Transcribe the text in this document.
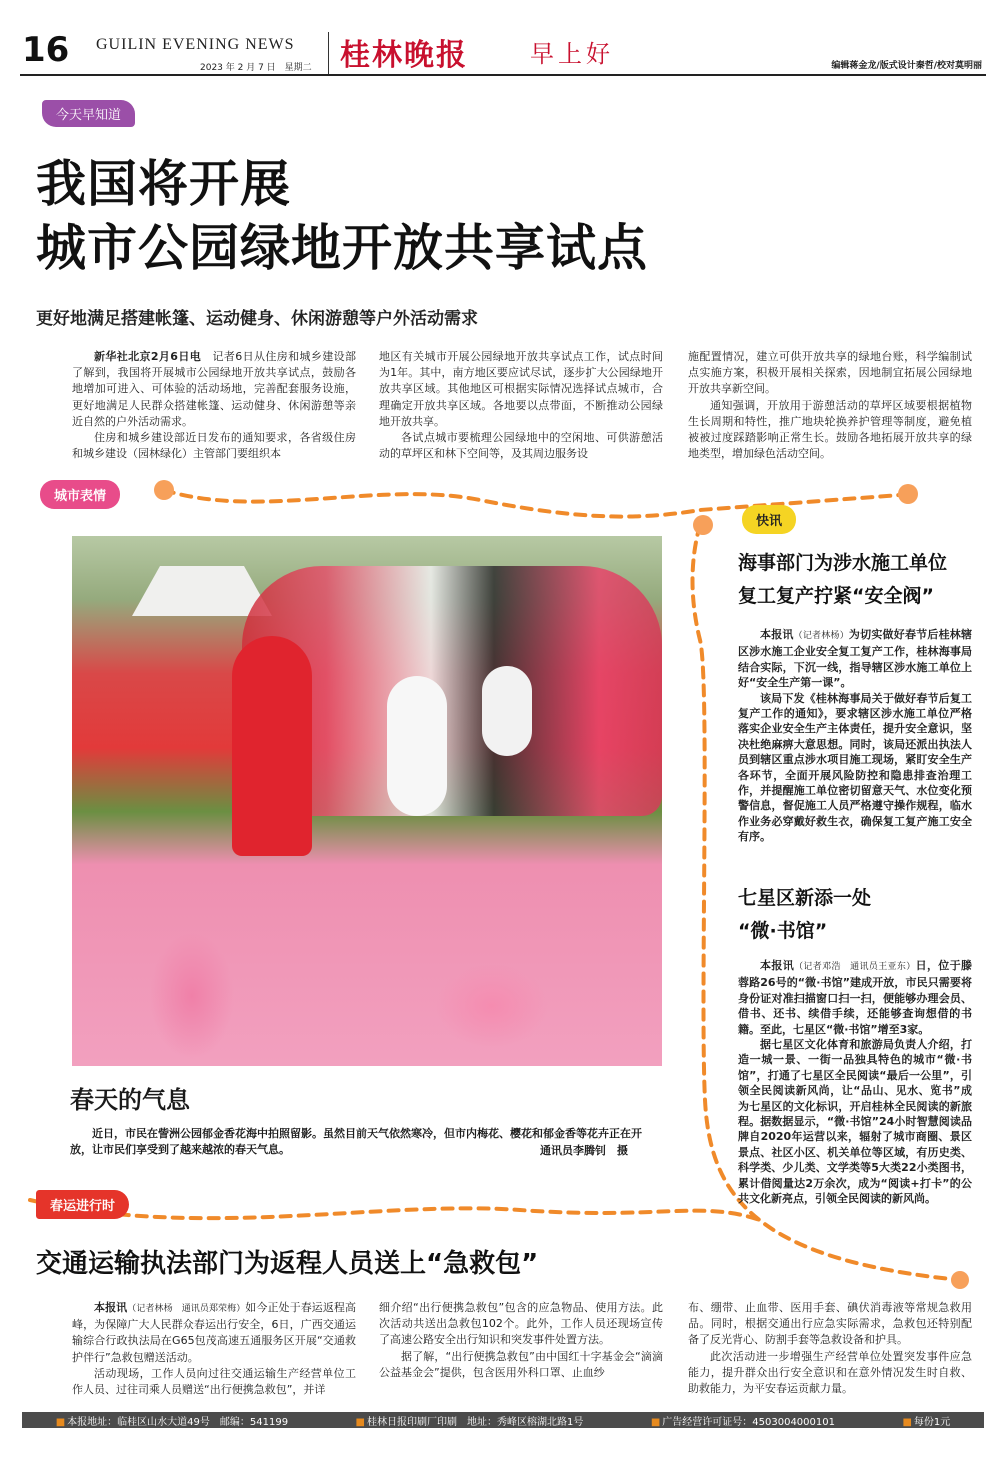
16 GUILIN EVENING NEWS
2023 年 2 月 7 日　星期二 桂林晚报	早上好	编辑蒋金龙/版式设计秦哲/校对莫明丽
今天早知道
我国将开展
城市公园绿地开放共享试点
更好地满足搭建帐篷、运动健身、休闲游憩等户外活动需求

新华社北京2月6日电　 记者6日从住房和城乡建设部了解到，我国将开展城市公园绿地开放共享试点，鼓励各地增加可进入、可体验的活动场地，完善配套服务设施，更好地满足人民群众搭建帐篷、运动健身、休闲游憩等亲近自然的户外活动需求。

住房和城乡建设部近日发布的通知要求，各省级住房和城乡建设（园林绿化）主管部门要组织本

地区有关城市开展公园绿地开放共享试点工作，试点时间为1年。其中，南方地区要应试尽试，逐步扩大公园绿地开放共享区域。其他地区可根据实际情况选择试点城市，合理确定开放共享区域。各地要以点带面，不断推动公园绿地开放共享。

各试点城市要梳理公园绿地中的空闲地、可供游憩活动的草坪区和林下空间等，及其周边服务设

施配置情况，建立可供开放共享的绿地台账，科学编制试点实施方案，积极开展相关探索，因地制宜拓展公园绿地开放共享新空间。

通知强调，开放用于游憩活动的草坪区域要根据植物生长周期和特性，推广地块轮换养护管理等制度，避免植被被过度踩踏影响正常生长。鼓励各地拓展开放共享的绿地类型，增加绿色活动空间。

城市表情
春天的气息
近日，市民在訾洲公园郁金香花海中拍照留影。虽然目前天气依然寒冷，但市内梅花、樱花和郁金香等花卉正在开放，让市民们享受到了越来越浓的春天气息。	通讯员李腾钊　摄
快讯
海事部门为涉水施工单位
复工复产拧紧“安全阀”

本报讯（记者林杨）为切实做好春节后桂林辖区涉水施工企业安全复工复产工作，桂林海事局结合实际，下沉一线，指导辖区涉水施工单位上好“安全生产第一课”。

该局下发《桂林海事局关于做好春节后复工复产工作的通知》，要求辖区涉水施工单位严格落实企业安全生产主体责任，提升安全意识，坚决杜绝麻痹大意思想。同时，该局还派出执法人员到辖区重点涉水项目施工现场，紧盯安全生产各环节，全面开展风险防控和隐患排查治理工作，并提醒施工单位密切留意天气、水位变化预警信息，督促施工人员严格遵守操作规程，临水作业务必穿戴好救生衣，确保复工复产施工安全有序。

七星区新添一处
“微·书馆”

本报讯（记者邓浩　通讯员王亚东）日，位于滕蓉路26号的“微·书馆”建成开放，市民只需要将身份证对准扫描窗口扫一扫，便能够办理会员、借书、还书、续借手续，还能够查询想借的书籍。至此，七星区“微·书馆”增至3家。

据七星区文化体育和旅游局负责人介绍，打造一城一景、一街一品独具特色的城市“微·书馆”，打通了七星区全民阅读“最后一公里”，引领全民阅读新风尚，让“品山、见水、览书”成为七星区的文化标识，开启桂林全民阅读的新旅程。据数据显示，“微·书馆”24小时智慧阅读品牌自2020年运营以来，辐射了城市商圈、景区景点、社区小区、机关单位等区域，有历史类、科学类、少儿类、文学类等5大类22小类图书，累计借阅量达2万余次，成为“阅读+打卡”的公共文化新亮点，引领全民阅读的新风尚。

春运进行时
交通运输执法部门为返程人员送上“急救包”

本报讯（记者林杨　通讯员郑荣梅）如今正处于春运返程高峰，为保障广大人民群众春运出行安全，6日，广西交通运输综合行政执法局在G65包茂高速五通服务区开展“交通救护伴行”急救包赠送活动。

活动现场，工作人员向过往交通运输生产经营单位工作人员、过往司乘人员赠送“出行便携急救包”，并详

细介绍“出行便携急救包”包含的应急物品、使用方法。此次活动共送出急救包102个。此外，工作人员还现场宣传了高速公路安全出行知识和突发事件处置方法。

据了解，“出行便携急救包”由中国红十字基金会“滴滴公益基金会”提供，包含医用外科口罩、止血纱

布、绷带、止血带、医用手套、碘伏消毒液等常规急救用品。同时，根据交通出行应急实际需求，急救包还特别配备了反光背心、防割手套等急救设备和护具。

此次活动进一步增强生产经营单位处置突发事件应急能力，提升群众出行安全意识和在意外情况发生时自救、助救能力，为平安春运贡献力量。

■ 本报地址：临桂区山水大道49号　邮编：541199	■ 桂林日报印刷厂印刷　地址：秀峰区榕湖北路1号	■ 广告经营许可证号：4503004000101	■ 每份1元
